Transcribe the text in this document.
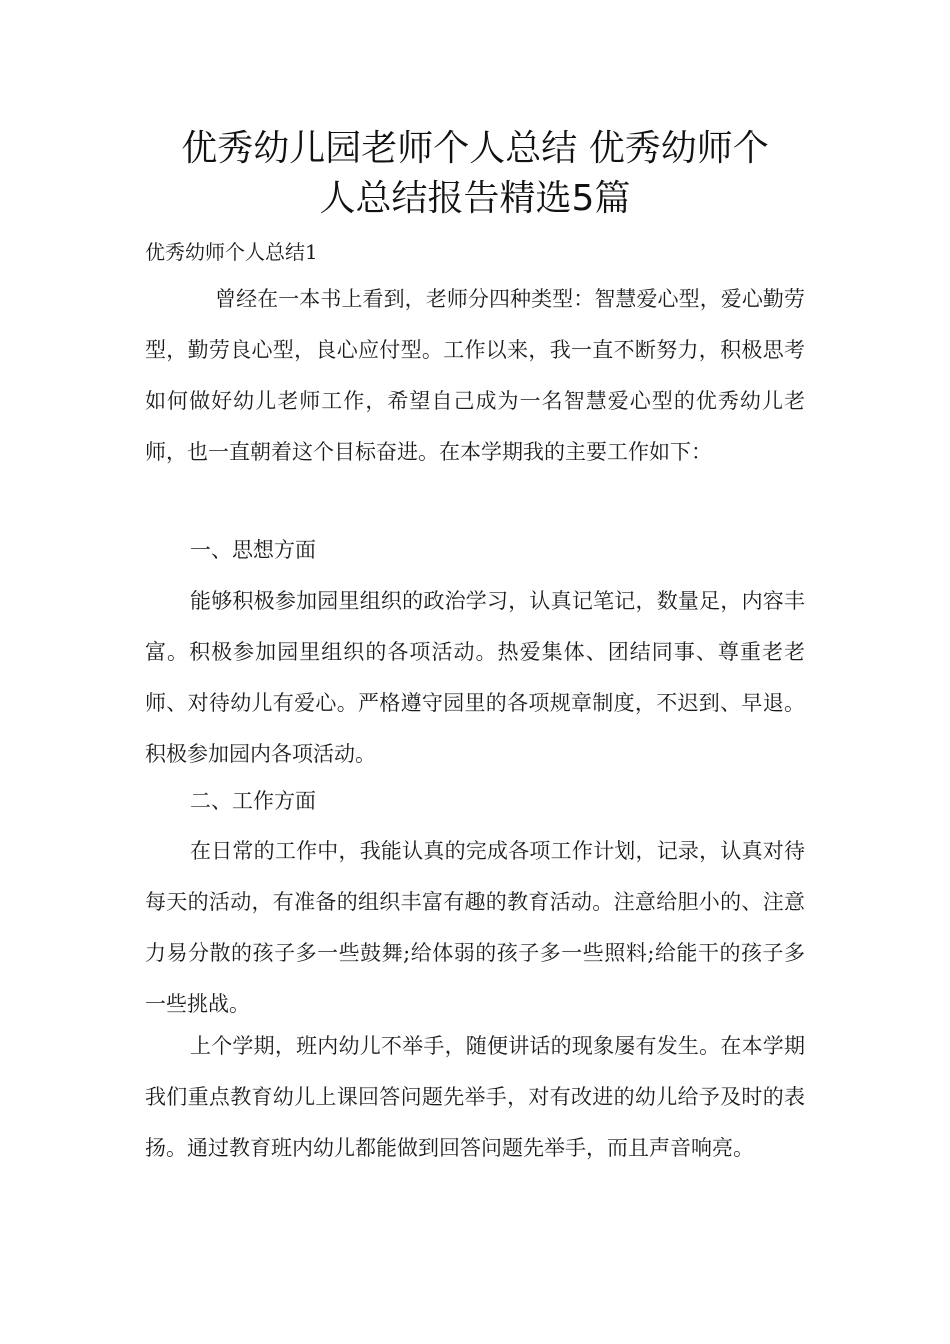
优秀幼儿园老师个人总结 优秀幼师个
人总结报告精选5篇

优秀幼师个人总结1

曾经在一本书上看到，老师分四种类型：智慧爱心型，爱心勤劳型，勤劳良心型，良心应付型。工作以来，我一直不断努力，积极思考如何做好幼儿老师工作，希望自己成为一名智慧爱心型的优秀幼儿老师，也一直朝着这个目标奋进。在本学期我的主要工作如下：

一、思想方面

能够积极参加园里组织的政治学习，认真记笔记，数量足，内容丰富。积极参加园里组织的各项活动。热爱集体、团结同事、尊重老老师、对待幼儿有爱心。严格遵守园里的各项规章制度，不迟到、早退。积极参加园内各项活动。

二、工作方面

在日常的工作中，我能认真的完成各项工作计划，记录，认真对待每天的活动，有准备的组织丰富有趣的教育活动。注意给胆小的、注意力易分散的孩子多一些鼓舞;给体弱的孩子多一些照料;给能干的孩子多一些挑战。

上个学期，班内幼儿不举手，随便讲话的现象屡有发生。在本学期我们重点教育幼儿上课回答问题先举手，对有改进的幼儿给予及时的表扬。通过教育班内幼儿都能做到回答问题先举手，而且声音响亮。
